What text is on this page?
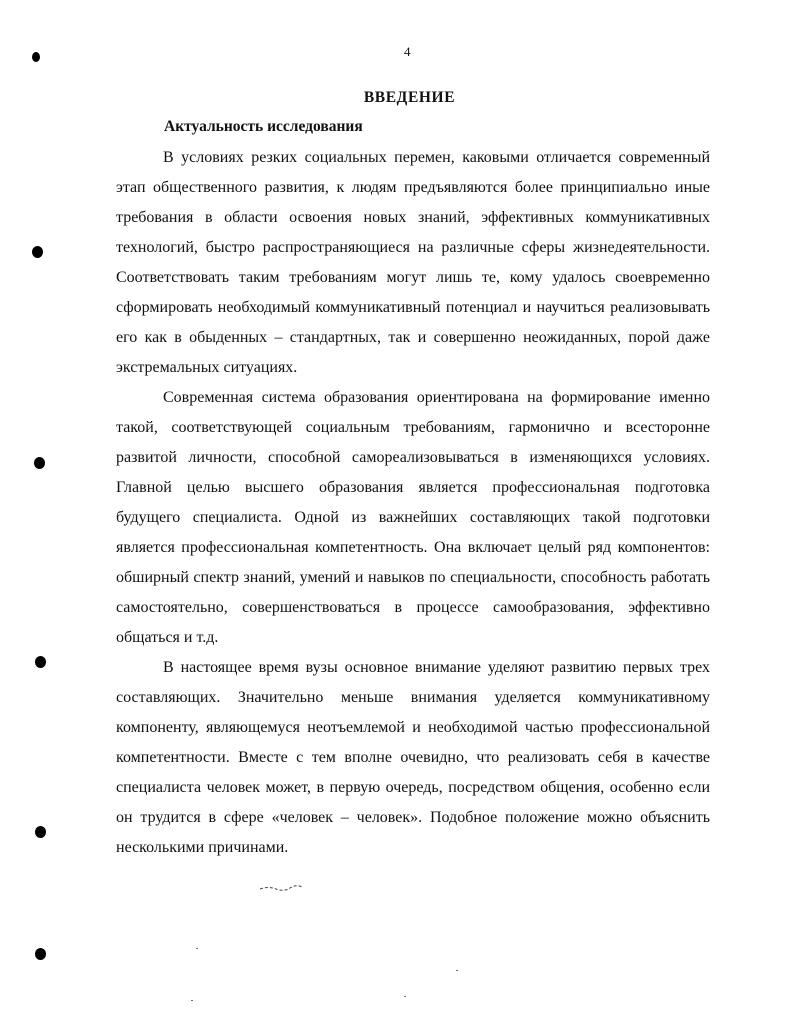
4
ВВЕДЕНИЕ
Актуальность исследования

В условиях резких социальных перемен, каковыми отличается современный этап общественного развития, к людям предъявляются более принципиально иные требования в области освоения новых знаний, эффективных коммуникативных технологий, быстро распространяющиеся на различные сферы жизнедеятельности. Соответствовать таким требованиям могут лишь те, кому удалось своевременно сформировать необходимый коммуникативный потенциал и научиться реализовывать его как в обыденных – стандартных, так и совершенно неожиданных, порой даже экстремальных ситуациях.

Современная система образования ориентирована на формирование именно такой, соответствующей социальным требованиям, гармонично и всесторонне развитой личности, способной самореализовываться в изменяющихся условиях. Главной целью высшего образования является профессиональная подготовка будущего специалиста. Одной из важнейших составляющих такой подготовки является профессиональная компетентность. Она включает целый ряд компонентов: обширный спектр знаний, умений и навыков по специальности, способность работать самостоятельно, совершенствоваться в процессе самообразования, эффективно общаться и т.д.

В настоящее время вузы основное внимание уделяют развитию первых трех составляющих. Значительно меньше внимания уделяется коммуникативному компоненту, являющемуся неотъемлемой и необходимой частью профессиональной компетентности. Вместе с тем вполне очевидно, что реализовать себя в качестве специалиста человек может, в первую очередь, посредством общения, особенно если он трудится в сфере «человек – человек». Подобное положение можно объяснить несколькими причинами.
